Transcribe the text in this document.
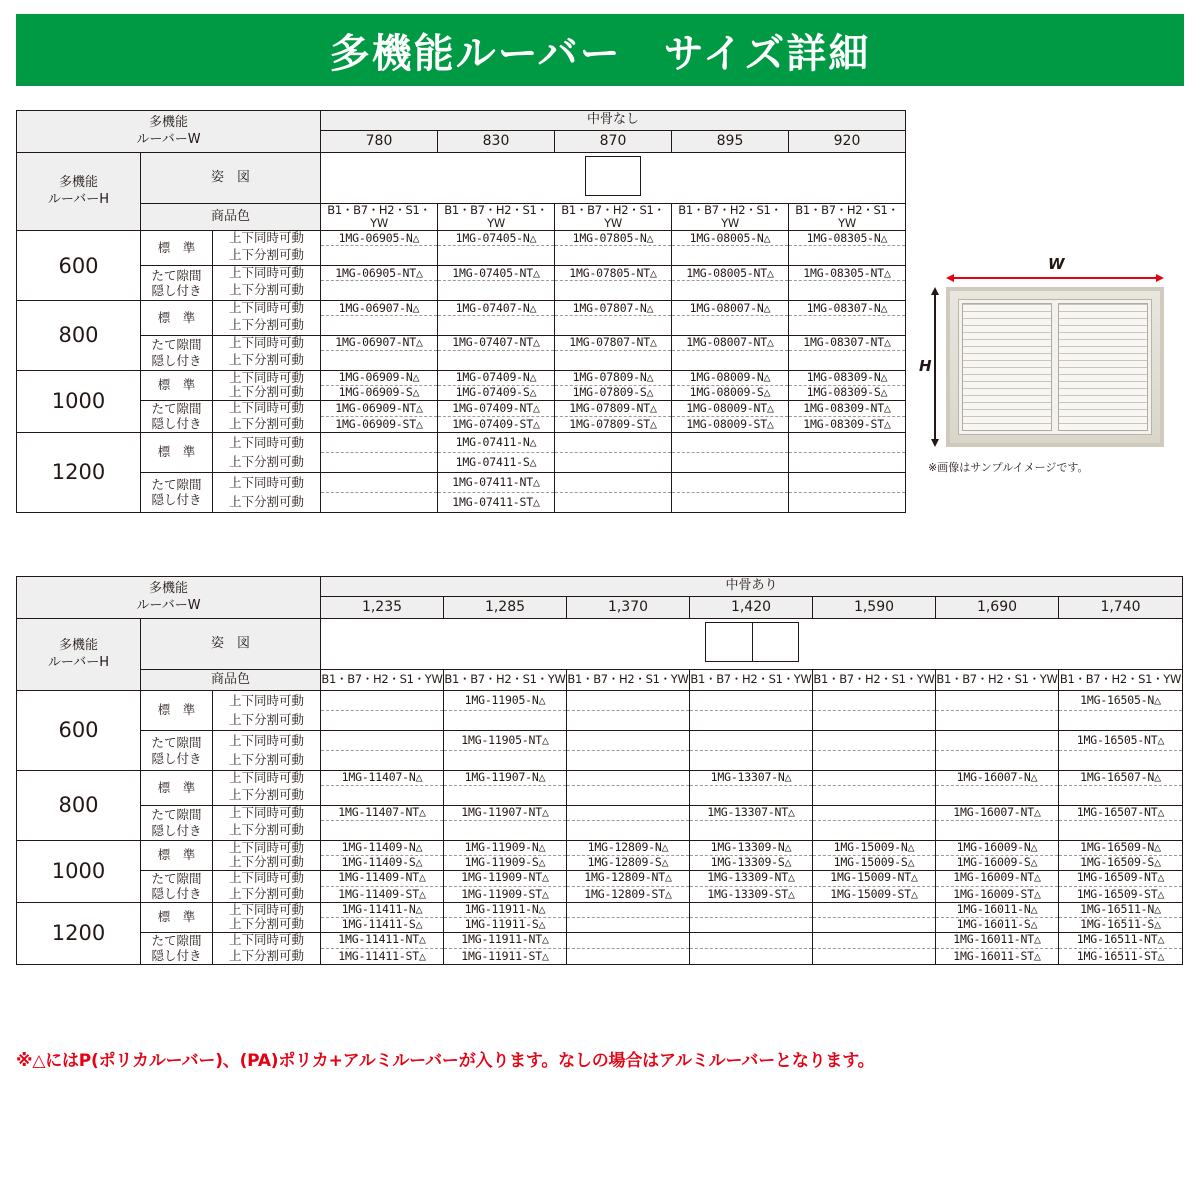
多機能ルーバー　サイズ詳細
多機能
ルーバーW			中骨なし				
			780	830	870	895	920

多機能
ルーバーH	姿　図						
	商品色		B1・B7・H2・S1・YW	B1・B7・H2・S1・YW	B1・B7・H2・S1・YW	B1・B7・H2・S1・YW	B1・B7・H2・S1・YW
600	標　準	上下同時可動	1MG-06905-N△	1MG-07405-N△	1MG-07805-N△	1MG-08005-N△	1MG-08305-N△
		上下分割可動					

	たて隙間
隠し付き	上下同時可動	1MG-06905-NT△	1MG-07405-NT△	1MG-07805-NT△	1MG-08005-NT△	1MG-08305-NT△
		上下分割可動					
800	標　準	上下同時可動	1MG-06907-N△	1MG-07407-N△	1MG-07807-N△	1MG-08007-N△	1MG-08307-N△
		上下分割可動					

	たて隙間
隠し付き	上下同時可動	1MG-06907-NT△	1MG-07407-NT△	1MG-07807-NT△	1MG-08007-NT△	1MG-08307-NT△
		上下分割可動					
1000	標　準	上下同時可動	1MG-06909-N△	1MG-07409-N△	1MG-07809-N△	1MG-08009-N△	1MG-08309-N△
		上下分割可動	1MG-06909-S△	1MG-07409-S△	1MG-07809-S△	1MG-08009-S△	1MG-08309-S△

	たて隙間
隠し付き	上下同時可動	1MG-06909-NT△	1MG-07409-NT△	1MG-07809-NT△	1MG-08009-NT△	1MG-08309-NT△
		上下分割可動	1MG-06909-ST△	1MG-07409-ST△	1MG-07809-ST△	1MG-08009-ST△	1MG-08309-ST△
1200	標　準	上下同時可動		1MG-07411-N△			
		上下分割可動		1MG-07411-S△			

	たて隙間
隠し付き	上下同時可動		1MG-07411-NT△			
		上下分割可動		1MG-07411-ST△			
W
H
※画像はサンプルイメージです。
多機能
ルーバーW			中骨あり						
			1,235	1,285	1,370	1,420	1,590	1,690	1,740

多機能
ルーバーH	姿　図								
	商品色		B1・B7・H2・S1・YW	B1・B7・H2・S1・YW	B1・B7・H2・S1・YW	B1・B7・H2・S1・YW	B1・B7・H2・S1・YW	B1・B7・H2・S1・YW	B1・B7・H2・S1・YW
600	標　準	上下同時可動		1MG-11905-N△					1MG-16505-N△
		上下分割可動							

	たて隙間
隠し付き	上下同時可動		1MG-11905-NT△					1MG-16505-NT△
		上下分割可動							
800	標　準	上下同時可動	1MG-11407-N△	1MG-11907-N△		1MG-13307-N△		1MG-16007-N△	1MG-16507-N△
		上下分割可動							

	たて隙間
隠し付き	上下同時可動	1MG-11407-NT△	1MG-11907-NT△		1MG-13307-NT△		1MG-16007-NT△	1MG-16507-NT△
		上下分割可動							
1000	標　準	上下同時可動	1MG-11409-N△	1MG-11909-N△	1MG-12809-N△	1MG-13309-N△	1MG-15009-N△	1MG-16009-N△	1MG-16509-N△
		上下分割可動	1MG-11409-S△	1MG-11909-S△	1MG-12809-S△	1MG-13309-S△	1MG-15009-S△	1MG-16009-S△	1MG-16509-S△

	たて隙間
隠し付き	上下同時可動	1MG-11409-NT△	1MG-11909-NT△	1MG-12809-NT△	1MG-13309-NT△	1MG-15009-NT△	1MG-16009-NT△	1MG-16509-NT△
		上下分割可動	1MG-11409-ST△	1MG-11909-ST△	1MG-12809-ST△	1MG-13309-ST△	1MG-15009-ST△	1MG-16009-ST△	1MG-16509-ST△
1200	標　準	上下同時可動	1MG-11411-N△	1MG-11911-N△				1MG-16011-N△	1MG-16511-N△
		上下分割可動	1MG-11411-S△	1MG-11911-S△				1MG-16011-S△	1MG-16511-S△

	たて隙間
隠し付き	上下同時可動	1MG-11411-NT△	1MG-11911-NT△				1MG-16011-NT△	1MG-16511-NT△
		上下分割可動	1MG-11411-ST△	1MG-11911-ST△				1MG-16011-ST△	1MG-16511-ST△
※△にはP(ポリカルーバー)、(PA)ポリカ+アルミルーバーが入ります。なしの場合はアルミルーバーとなります。
